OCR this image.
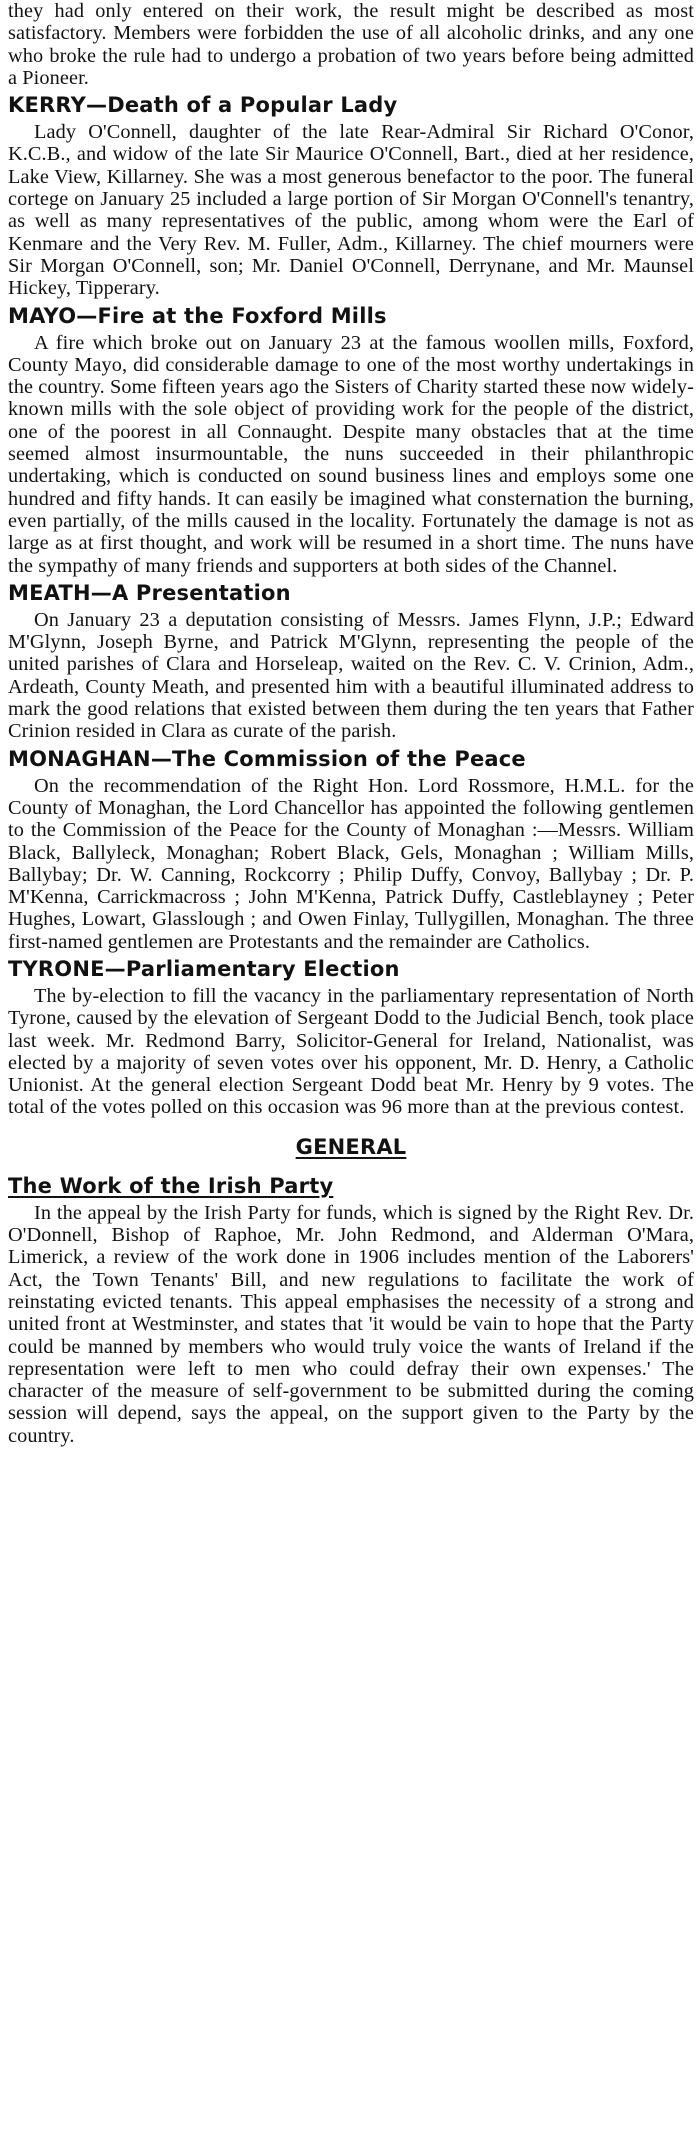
they had only entered on their work, the result might be described as most satisfactory. Members were forbidden the use of all alcoholic drinks, and any one who broke the rule had to undergo a probation of two years before being admitted a Pioneer.

KERRY—Death of a Popular Lady

Lady O'Connell, daughter of the late Rear-Admiral Sir Richard O'Conor, K.C.B., and widow of the late Sir Maurice O'Connell, Bart., died at her residence, Lake View, Killarney. She was a most generous benefactor to the poor. The funeral cortege on January 25 included a large portion of Sir Morgan O'Connell's tenantry, as well as many representatives of the public, among whom were the Earl of Kenmare and the Very Rev. M. Fuller, Adm., Killarney. The chief mourners were Sir Morgan O'Connell, son; Mr. Daniel O'Connell, Derrynane, and Mr. Maunsel Hickey, Tipperary.

MAYO—Fire at the Foxford Mills

A fire which broke out on January 23 at the famous woollen mills, Foxford, County Mayo, did considerable damage to one of the most worthy undertakings in the country. Some fifteen years ago the Sisters of Charity started these now widely-known mills with the sole object of providing work for the people of the district, one of the poorest in all Connaught. Despite many obstacles that at the time seemed almost insurmountable, the nuns succeeded in their philanthropic undertaking, which is conducted on sound business lines and employs some one hundred and fifty hands. It can easily be imagined what consternation the burning, even partially, of the mills caused in the locality. Fortunately the damage is not as large as at first thought, and work will be resumed in a short time. The nuns have the sympathy of many friends and supporters at both sides of the Channel.

MEATH—A Presentation

On January 23 a deputation consisting of Messrs. James Flynn, J.P.; Edward M'Glynn, Joseph Byrne, and Patrick M'Glynn, representing the people of the united parishes of Clara and Horseleap, waited on the Rev. C. V. Crinion, Adm., Ardeath, County Meath, and presented him with a beautiful illuminated address to mark the good relations that existed between them during the ten years that Father Crinion resided in Clara as curate of the parish.

MONAGHAN—The Commission of the Peace

On the recommendation of the Right Hon. Lord Rossmore, H.M.L. for the County of Monaghan, the Lord Chancellor has appointed the following gentlemen to the Commission of the Peace for the County of Monaghan :—Messrs. William Black, Ballyleck, Monaghan; Robert Black, Gels, Monaghan ; William Mills, Ballybay; Dr. W. Canning, Rockcorry ; Philip Duffy, Convoy, Ballybay ; Dr. P. M'Kenna, Carrickmacross ; John M'Kenna, Patrick Duffy, Castleblayney ; Peter Hughes, Lowart, Glasslough ; and Owen Finlay, Tullygillen, Monaghan. The three first-named gentlemen are Protestants and the remainder are Catholics.

TYRONE—Parliamentary Election

The by-election to fill the vacancy in the parliamentary representation of North Tyrone, caused by the elevation of Sergeant Dodd to the Judicial Bench, took place last week. Mr. Redmond Barry, Solicitor-General for Ireland, Nationalist, was elected by a majority of seven votes over his opponent, Mr. D. Henry, a Catholic Unionist. At the general election Sergeant Dodd beat Mr. Henry by 9 votes. The total of the votes polled on this occasion was 96 more than at the previous contest.

GENERAL
The Work of the Irish Party

In the appeal by the Irish Party for funds, which is signed by the Right Rev. Dr. O'Donnell, Bishop of Raphoe, Mr. John Redmond, and Alderman O'Mara, Limerick, a review of the work done in 1906 includes mention of the Laborers' Act, the Town Tenants' Bill, and new regulations to facilitate the work of reinstating evicted tenants. This appeal emphasises the necessity of a strong and united front at Westminster, and states that 'it would be vain to hope that the Party could be manned by members who would truly voice the wants of Ireland if the representation were left to men who could defray their own expenses.' The character of the measure of self-government to be submitted during the coming session will depend, says the appeal, on the support given to the Party by the country.
